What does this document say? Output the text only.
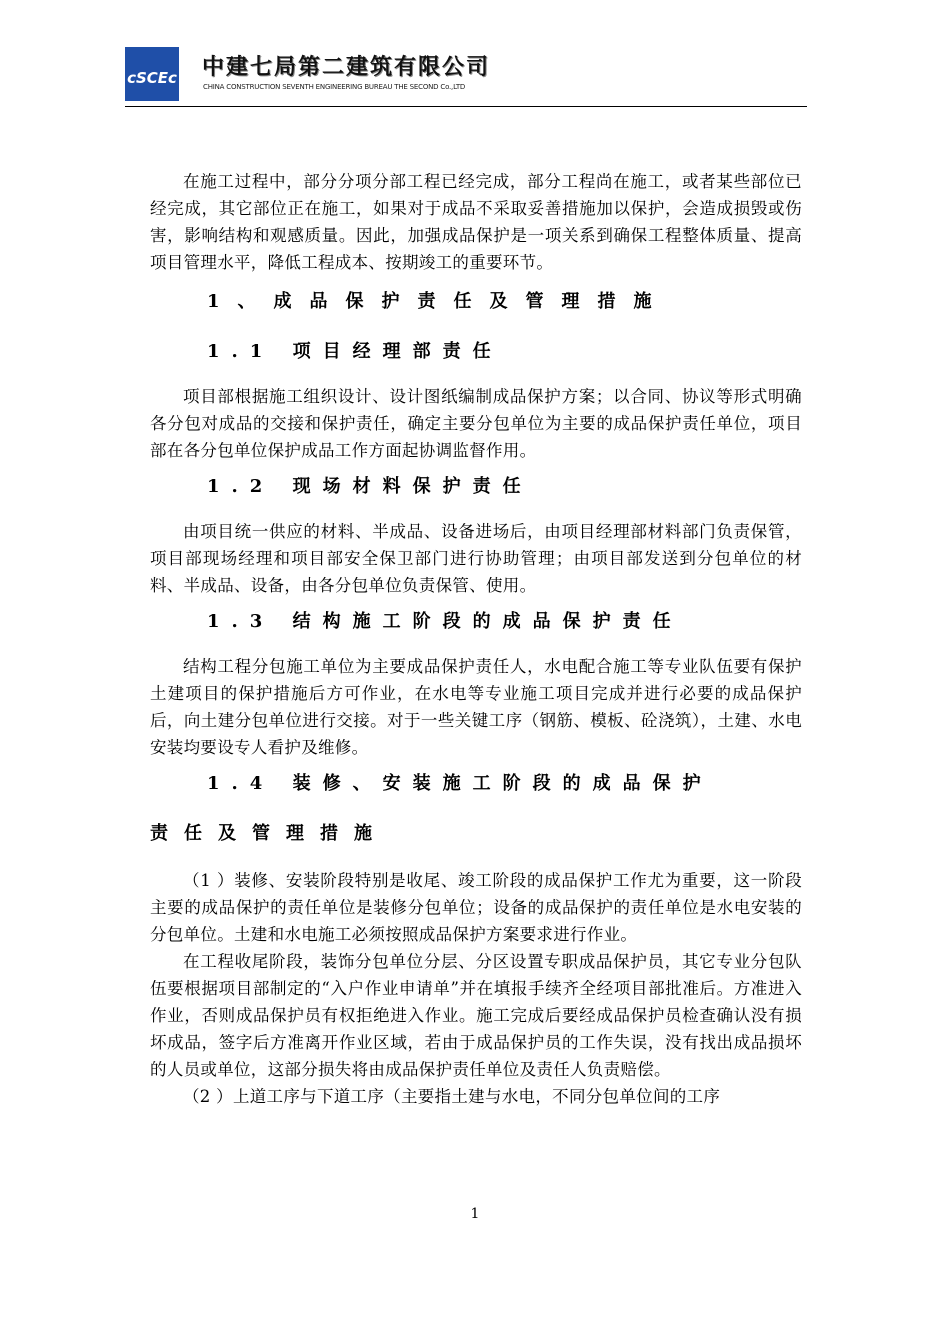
cSCEc 中建七局第二建筑有限公司
CHINA CONSTRUCTION SEVENTH ENGINEERING BUREAU THE SECOND Co.,LTD

在施工过程中，部分分项分部工程已经完成，部分工程尚在施工，或者某些部位已经完成，其它部位正在施工，如果对于成品不采取妥善措施加以保护，会造成损毁或伤害，影响结构和观感质量。因此，加强成品保护是一项关系到确保工程整体质量、提高项目管理水平，降低工程成本、按期竣工的重要环节。

1、成品保护责任及管理措施

1.1 项目经理部责任

项目部根据施工组织设计、设计图纸编制成品保护方案；以合同、协议等形式明确各分包对成品的交接和保护责任，确定主要分包单位为主要的成品保护责任单位，项目部在各分包单位保护成品工作方面起协调监督作用。

1.2 现场材料保护责任

由项目统一供应的材料、半成品、设备进场后，由项目经理部材料部门负责保管，项目部现场经理和项目部安全保卫部门进行协助管理；由项目部发送到分包单位的材料、半成品、设备，由各分包单位负责保管、使用。

1.3 结构施工阶段的成品保护责任

结构工程分包施工单位为主要成品保护责任人，水电配合施工等专业队伍要有保护土建项目的保护措施后方可作业，在水电等专业施工项目完成并进行必要的成品保护后，向土建分包单位进行交接。对于一些关键工序（钢筋、模板、砼浇筑），土建、水电安装均要设专人看护及维修。

1.4 装修、安装施工阶段的成品保护

责任及管理措施

（1 ）装修、安装阶段特别是收尾、竣工阶段的成品保护工作尤为重要，这一阶段主要的成品保护的责任单位是装修分包单位；设备的成品保护的责任单位是水电安装的分包单位。土建和水电施工必须按照成品保护方案要求进行作业。

在工程收尾阶段，装饰分包单位分层、分区设置专职成品保护员，其它专业分包队伍要根据项目部制定的“入户作业申请单”并在填报手续齐全经项目部批准后。方准进入作业，否则成品保护员有权拒绝进入作业。施工完成后要经成品保护员检查确认没有损坏成品，签字后方准离开作业区域，若由于成品保护员的工作失误，没有找出成品损坏的人员或单位，这部分损失将由成品保护责任单位及责任人负责赔偿。

（2 ）上道工序与下道工序（主要指土建与水电，不同分包单位间的工序

1
